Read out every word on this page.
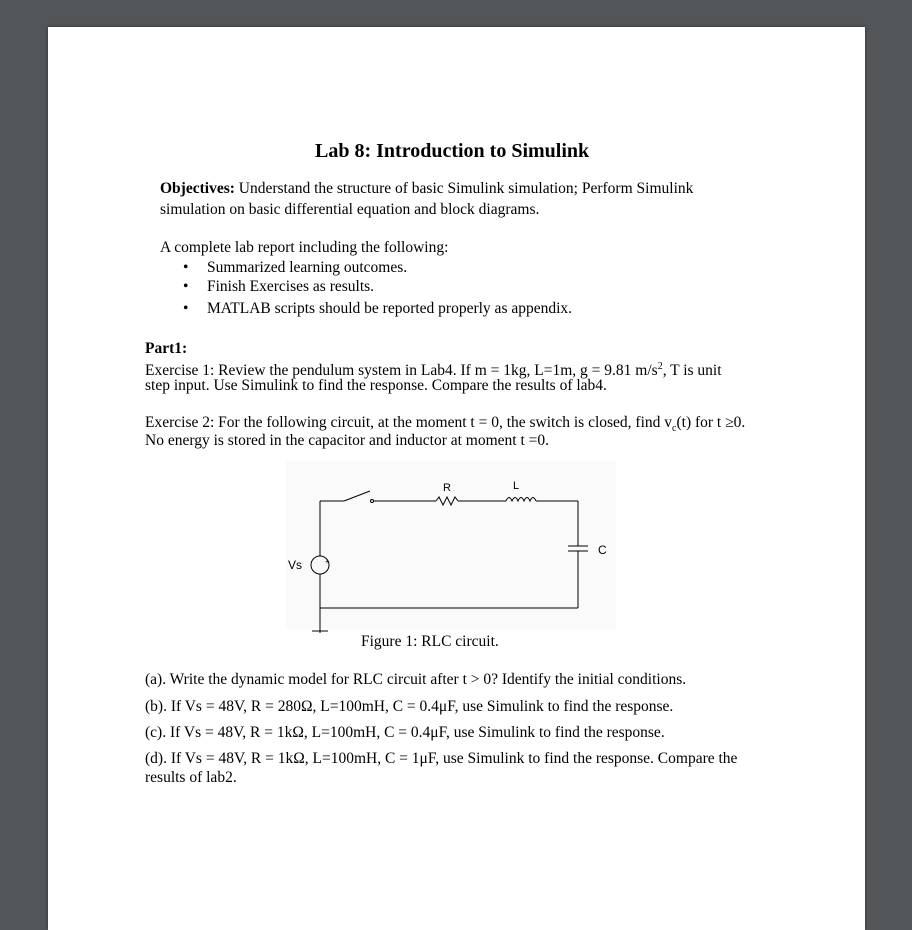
Lab 8: Introduction to Simulink
Objectives: Understand the structure of basic Simulink simulation; Perform Simulink
simulation on basic differential equation and block diagrams.
A complete lab report including the following:
• Summarized learning outcomes.
• Finish Exercises as results.
• MATLAB scripts should be reported properly as appendix.
Part1:
Exercise 1: Review the pendulum system in Lab4. If m = 1kg, L=1m, g = 9.81 $m/s^2$, T is unit
step input. Use Simulink to find the response. Compare the results of lab4.
Exercise 2: For the following circuit, at the moment t = 0, the switch is closed, find $v_c(t)$ for t ≥0.
No energy is stored in the capacitor and inductor at moment t =0.
+
R	L
C
Vs
Figure 1: RLC circuit.
(a). Write the dynamic model for RLC circuit after t > 0? Identify the initial conditions.
(b). If Vs = 48V, R = 280Ω, L=100mH, C = 0.4μF, use Simulink to find the response.
(c). If Vs = 48V, R = 1kΩ, L=100mH, C = 0.4μF, use Simulink to find the response.
(d). If Vs = 48V, R = 1kΩ, L=100mH, C = 1μF, use Simulink to find the response. Compare the
results of lab2.
